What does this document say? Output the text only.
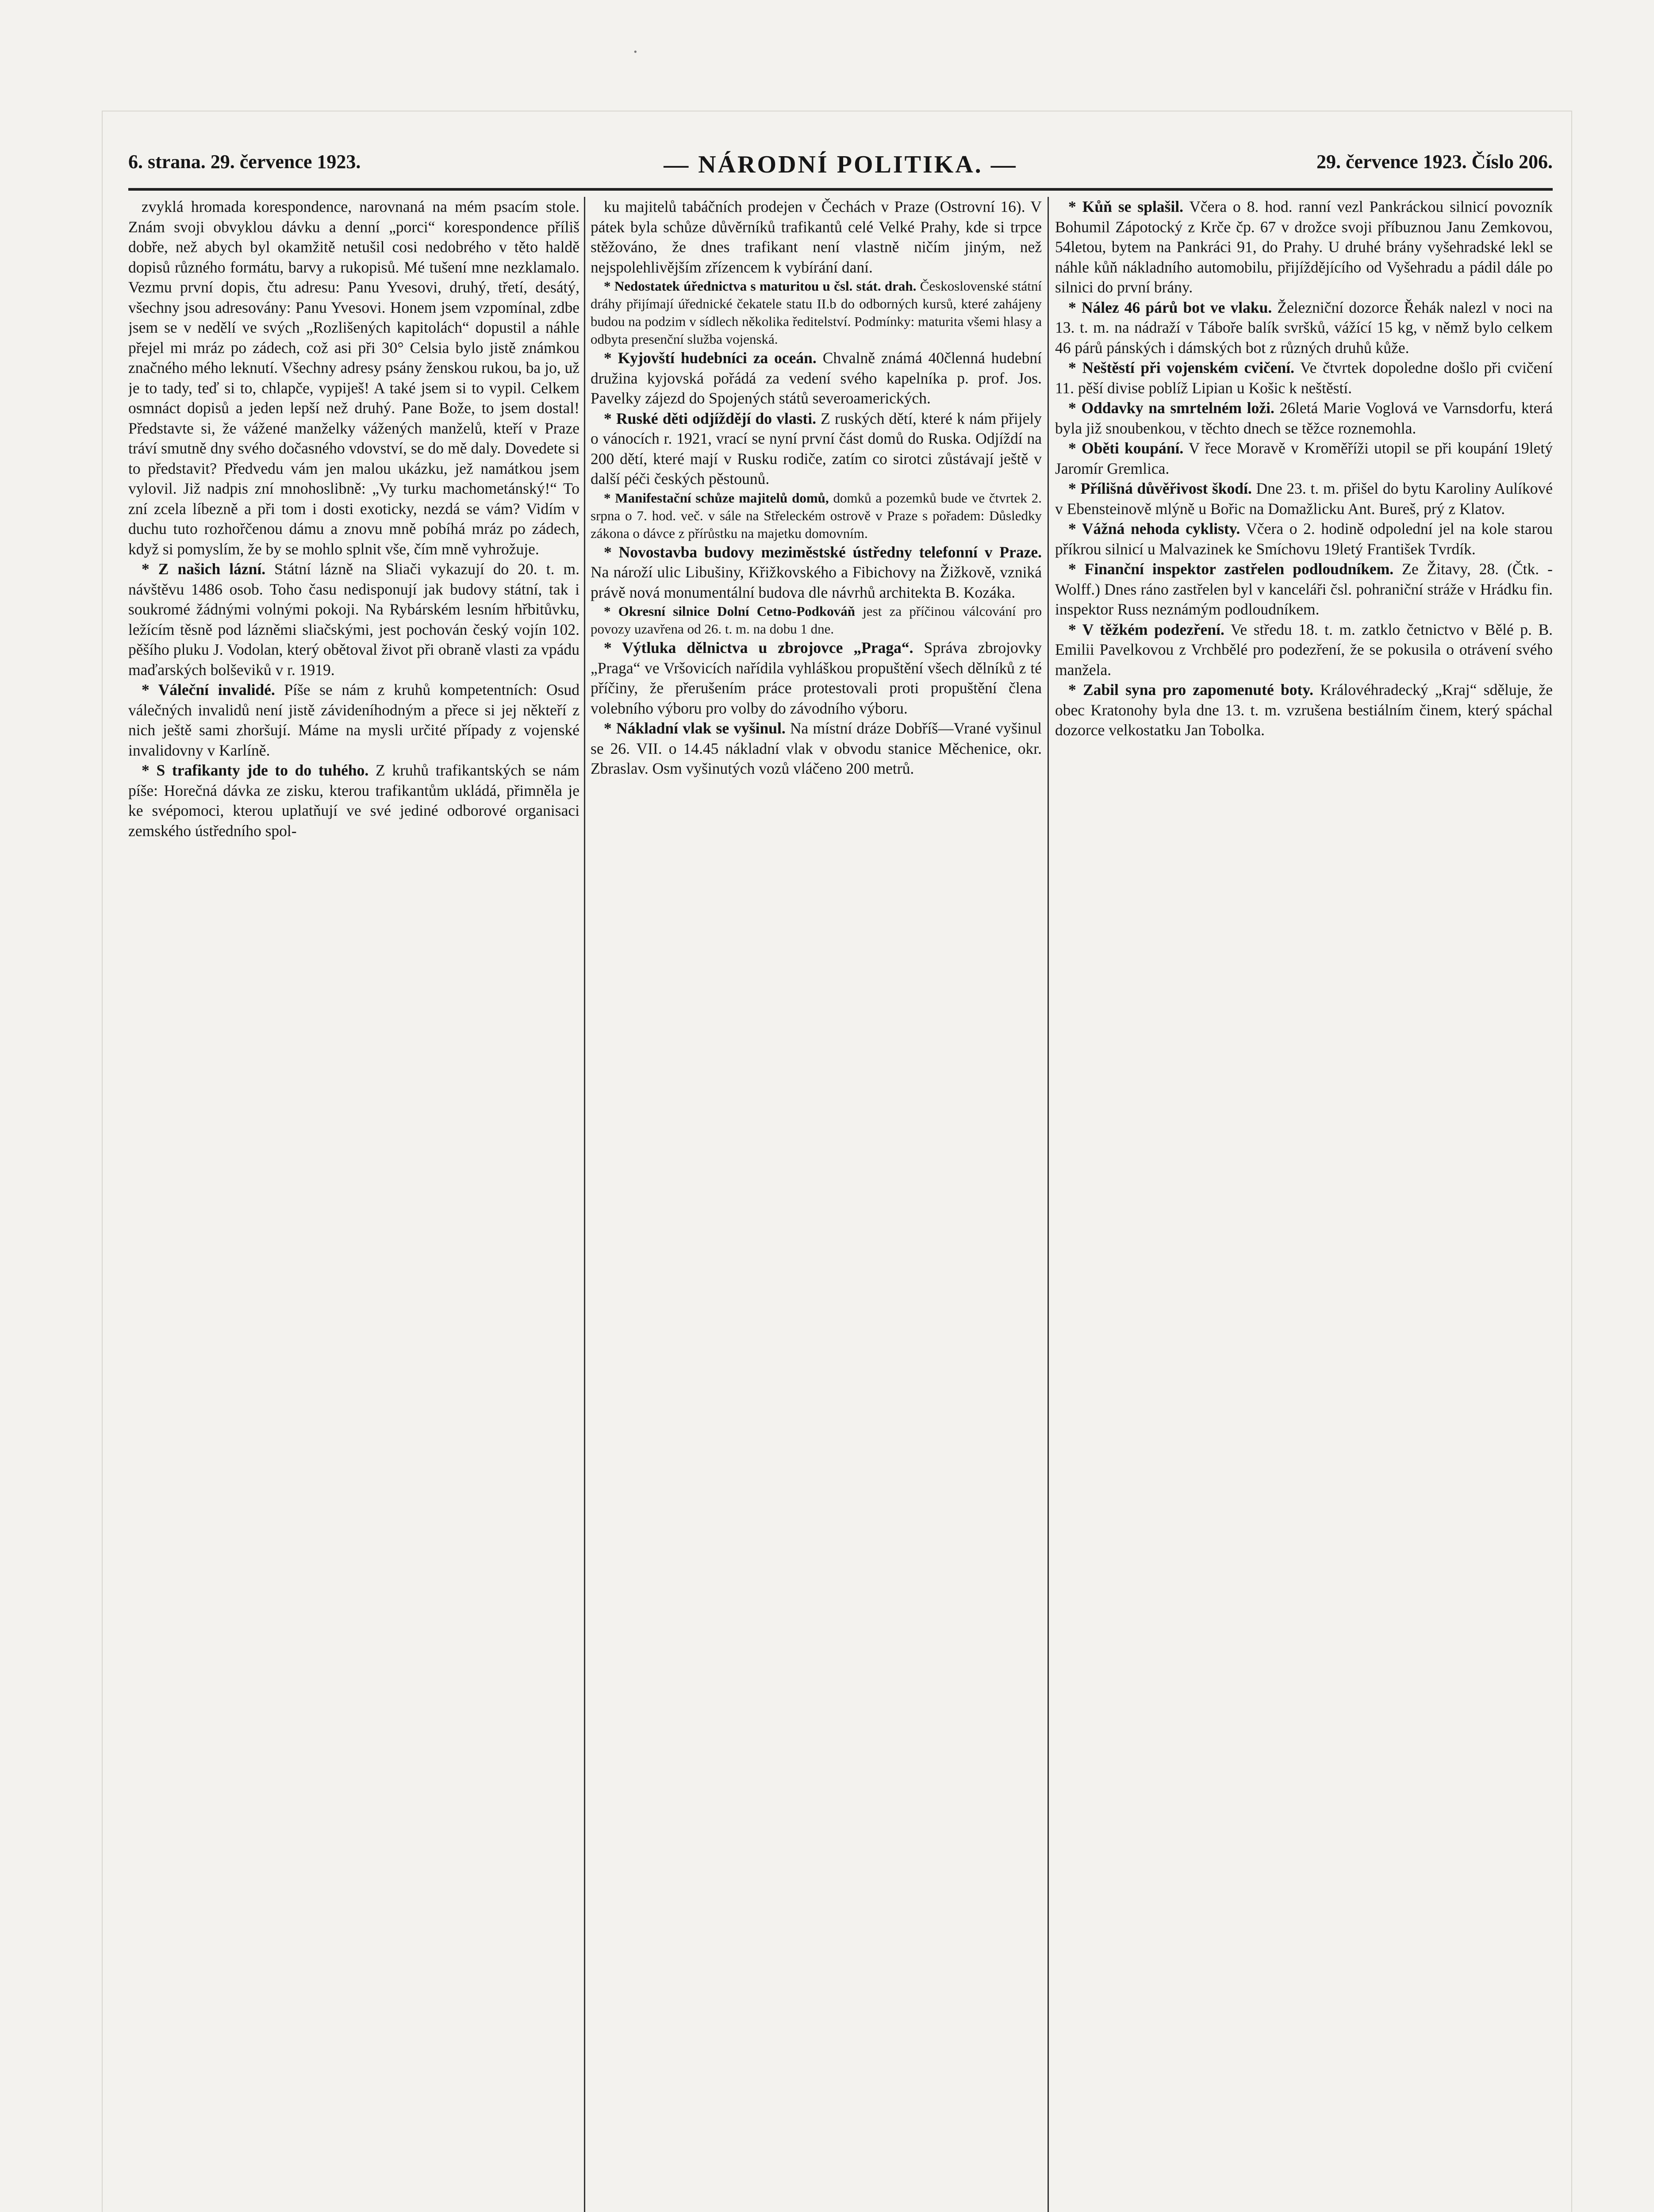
·
6. strana. 29. července 1923.	— NÁRODNÍ POLITIKA. —	29. července 1923. Číslo 206.

zvyklá hromada korespondence, narovnaná na mém psacím stole. Znám svoji obvyklou dávku a denní „porci“ korespondence příliš dobře, než abych byl okamžitě netušil cosi nedobrého v těto haldě dopisů různého formátu, barvy a rukopisů. Mé tušení mne nezklamalo. Vezmu první dopis, čtu adresu: Panu Yvesovi, druhý, třetí, desátý, všechny jsou adresovány: Panu Yvesovi. Honem jsem vzpomínal, zdbe jsem se v nedělí ve svých „Rozlišených kapitolách“ dopustil a náhle přejel mi mráz po zádech, což asi při 30° Celsia bylo jistě známkou značného mého leknutí. Všechny adresy psány ženskou rukou, ba jo, už je to tady, teď si to, chlapče, vypiješ! A také jsem si to vypil. Celkem osmnáct dopisů a jeden lepší než druhý. Pane Bože, to jsem dostal! Představte si, že vážené manželky vážených manželů, kteří v Praze tráví smutně dny svého dočasného vdovství, se do mě daly. Dovedete si to představit? Předvedu vám jen malou ukázku, jež namátkou jsem vylovil. Již nadpis zní mnohoslibně: „Vy turku machometánský!“ To zní zcela líbezně a při tom i dosti exoticky, nezdá se vám? Vidím v duchu tuto rozhořčenou dámu a znovu mně pobíhá mráz po zádech, když si pomyslím, že by se mohlo splnit vše, čím mně vyhrožuje.

* Z našich lázní. Státní lázně na Sliači vykazují do 20. t. m. návštěvu 1486 osob. Toho času nedisponují jak budovy státní, tak i soukromé žádnými volnými pokoji. Na Rybárském lesním hřbitůvku, ležícím těsně pod lázněmi sliačskými, jest pochován český vojín 102. pěšího pluku J. Vodolan, který obětoval život při obraně vlasti za vpádu maďarských bolševiků v r. 1919.

* Váleční invalidé. Píše se nám z kruhů kompetentních: Osud válečných invalidů není jistě závideníhodným a přece si jej někteří z nich ještě sami zhoršují. Máme na mysli určité případy z vojenské invalidovny v Karlíně.

* S trafikanty jde to do tuhého. Z kruhů trafikantských se nám píše: Horečná dávka ze zisku, kterou trafikantům ukládá, přimněla je ke svépomoci, kterou uplatňují ve své jediné odborové organisaci zemského ústředního spol-

ku majitelů tabáčních prodejen v Čechách v Praze (Ostrovní 16). V pátek byla schůze důvěrníků trafikantů celé Velké Prahy, kde si trpce stěžováno, že dnes trafikant není vlastně ničím jiným, než nejspolehlivějším zřízencem k vybírání daní.

* Nedostatek úřednictva s maturitou u čsl. stát. drah. Československé státní dráhy přijímají úřednické čekatele statu II.b do odborných kursů, které zahájeny budou na podzim v sídlech několika ředitelství. Podmínky: maturita všemi hlasy a odbyta presenční služba vojenská.

* Kyjovští hudebníci za oceán. Chvalně známá 40členná hudební družina kyjovská pořádá za vedení svého kapelníka p. prof. Jos. Pavelky zájezd do Spojených států severoamerických.

* Ruské děti odjíždějí do vlasti. Z ruských dětí, které k nám přijely o vánocích r. 1921, vrací se nyní první část domů do Ruska. Odjíždí na 200 dětí, které mají v Rusku rodiče, zatím co sirotci zůstávají ještě v další péči českých pěstounů.

* Manifestační schůze majitelů domů, domků a pozemků bude ve čtvrtek 2. srpna o 7. hod. več. v sále na Střeleckém ostrově v Praze s pořadem: Důsledky zákona o dávce z přírůstku na majetku domovním.

* Novostavba budovy meziměstské ústředny telefonní v Praze. Na nároží ulic Libušiny, Křižkovského a Fibichovy na Žižkově, vzniká právě nová monumentální budova dle návrhů architekta B. Kozáka.

* Okresní silnice Dolní Cetno-Podkováň jest za příčinou válcování pro povozy uzavřena od 26. t. m. na dobu 1 dne.

* Výtluka dělnictva u zbrojovce „Praga“. Správa zbrojovky „Praga“ ve Vršovicích nařídila vyhláškou propuštění všech dělníků z té příčiny, že přerušením práce protestovali proti propuštění člena volebního výboru pro volby do závodního výboru.

* Nákladní vlak se vyšinul. Na místní dráze Dobříš—Vrané vyšinul se 26. VII. o 14.45 nákladní vlak v obvodu stanice Měchenice, okr. Zbraslav. Osm vyšinutých vozů vláčeno 200 metrů.

* Kůň se splašil. Včera o 8. hod. ranní vezl Pankráckou silnicí povozník Bohumil Zápotocký z Krče čp. 67 v drožce svoji příbuznou Janu Zemkovou, 54letou, bytem na Pankráci 91, do Prahy. U druhé brány vyšehradské lekl se náhle kůň nákladního automobilu, přijíždějícího od Vyšehradu a pádil dále po silnici do první brány.

* Nález 46 párů bot ve vlaku. Železniční dozorce Řehák nalezl v noci na 13. t. m. na nádraží v Táboře balík svršků, vážící 15 kg, v němž bylo celkem 46 párů pánských i dámských bot z různých druhů kůže.

* Neštěstí při vojenském cvičení. Ve čtvrtek dopoledne došlo při cvičení 11. pěší divise poblíž Lipian u Košic k neštěstí.

* Oddavky na smrtelném loži. 26letá Marie Voglová ve Varnsdorfu, která byla již snoubenkou, v těchto dnech se těžce roznemohla.

* Oběti koupání. V řece Moravě v Kroměříži utopil se při koupání 19letý Jaromír Gremlica.

* Přílišná důvěřivost škodí. Dne 23. t. m. přišel do bytu Karoliny Aulíkové v Ebensteinově mlýně u Bořic na Domažlicku Ant. Bureš, prý z Klatov.

* Vážná nehoda cyklisty. Včera o 2. hodině odpolední jel na kole starou příkrou silnicí u Malvazinek ke Smíchovu 19letý František Tvrdík.

* Finanční inspektor zastřelen podloudníkem. Ze Žitavy, 28. (Čtk. - Wolff.) Dnes ráno zastřelen byl v kanceláři čsl. pohraniční stráže v Hrádku fin. inspektor Russ neznámým podloudníkem.

* V těžkém podezření. Ve středu 18. t. m. zatklo četnictvo v Bělé p. B. Emilii Pavelkovou z Vrchbělé pro podezření, že se pokusila o otrávení svého manžela.

* Zabil syna pro zapomenuté boty. Královéhradecký „Kraj“ sděluje, že obec Kratonohy byla dne 13. t. m. vzrušena bestiálním činem, který spáchal dozorce velkostatku Jan Tobolka.
